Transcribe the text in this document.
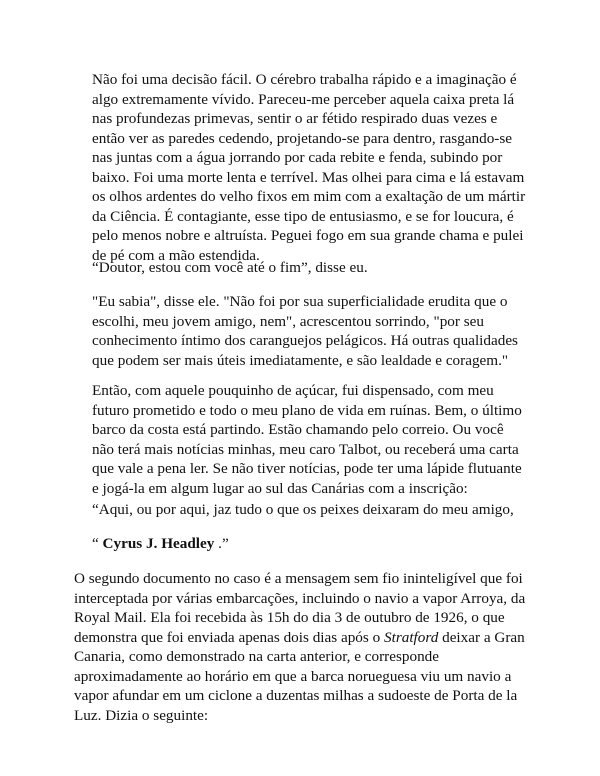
Não foi uma decisão fácil. O cérebro trabalha rápido e a imaginação é algo extremamente vívido. Pareceu-me perceber aquela caixa preta lá nas profundezas primevas, sentir o ar fétido respirado duas vezes e então ver as paredes cedendo, projetando-se para dentro, rasgando-se nas juntas com a água jorrando por cada rebite e fenda, subindo por baixo. Foi uma morte lenta e terrível. Mas olhei para cima e lá estavam os olhos ardentes do velho fixos em mim com a exaltação de um mártir da Ciência. É contagiante, esse tipo de entusiasmo, e se for loucura, é pelo menos nobre e altruísta. Peguei fogo em sua grande chama e pulei de pé com a mão estendida.

“Doutor, estou com você até o fim”, disse eu.

"Eu sabia", disse ele. "Não foi por sua superficialidade erudita que o escolhi, meu jovem amigo, nem", acrescentou sorrindo, "por seu conhecimento íntimo dos caranguejos pelágicos. Há outras qualidades que podem ser mais úteis imediatamente, e são lealdade e coragem."

Então, com aquele pouquinho de açúcar, fui dispensado, com meu futuro prometido e todo o meu plano de vida em ruínas. Bem, o último barco da costa está partindo. Estão chamando pelo correio. Ou você não terá mais notícias minhas, meu caro Talbot, ou receberá uma carta que vale a pena ler. Se não tiver notícias, pode ter uma lápide flutuante e jogá-la em algum lugar ao sul das Canárias com a inscrição:

“Aqui, ou por aqui, jaz tudo o que os peixes deixaram do meu amigo,

“ Cyrus J. Headley .”

O segundo documento no caso é a mensagem sem fio ininteligível que foi interceptada por várias embarcações, incluindo o navio a vapor Arroya, da Royal Mail. Ela foi recebida às 15h do dia 3 de outubro de 1926, o que demonstra que foi enviada apenas dois dias após o Stratford deixar a Gran Canaria, como demonstrado na carta anterior, e corresponde aproximadamente ao horário em que a barca norueguesa viu um navio a vapor afundar em um ciclone a duzentas milhas a sudoeste de Porta de la Luz. Dizia o seguinte:
